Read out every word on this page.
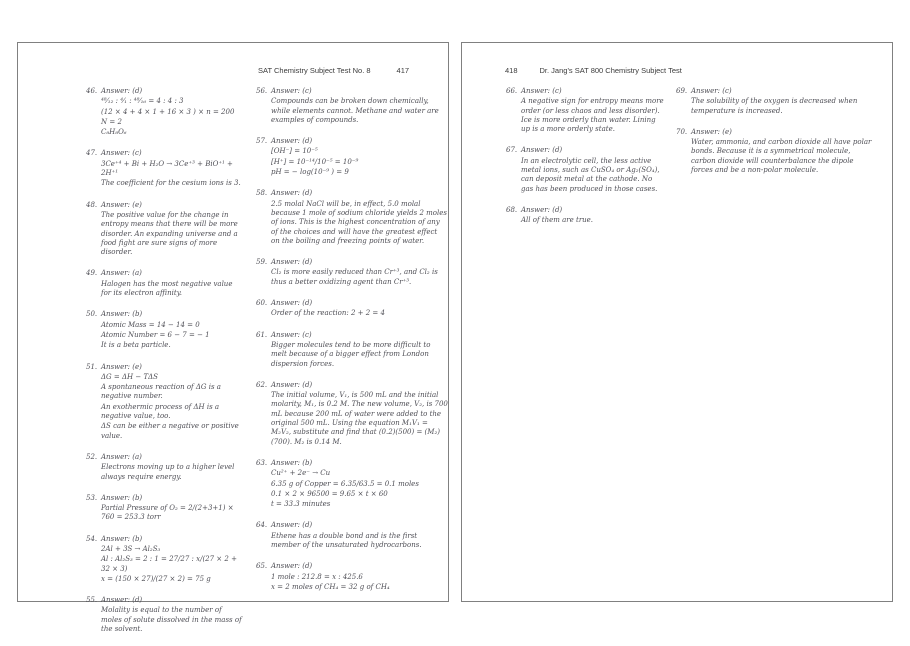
SAT Chemistry Subject Test No. 8	417
46. Answer: (d)
⁴⁸⁄₁₂ : ⁴⁄₁ : ⁴⁸⁄₁₆ = 4 : 4 : 3
(12 × 4 + 4 × 1 + 16 × 3 ) × n = 200
N = 2
C₈H₈O₆
47. Answer: (c)
3Ce⁺⁴ + Bi + H₂O → 3Ce⁺³ + BiO⁺¹ + 2H⁺¹
The coefficient for the cesium ions is 3.
48. Answer: (e)
The positive value for the change in entropy means that there will be more disorder. An expanding universe and a food fight are sure signs of more disorder.
49. Answer: (a)
Halogen has the most negative value for its electron affinity.
50. Answer: (b)
Atomic Mass = 14 − 14 = 0
Atomic Number = 6 − 7 = − 1
It is a beta particle.
51. Answer: (e)
ΔG = ΔH − TΔS
A spontaneous reaction of ΔG is a negative number.
An exothermic process of ΔH is a negative value, too.
ΔS can be either a negative or positive value.
52. Answer: (a)
Electrons moving up to a higher level always require energy.
53. Answer: (b)
Partial Pressure of O₂ = 2/(2+3+1) × 760 = 253.3 torr
54. Answer: (b)
2Al + 3S → Al₂S₃
Al : Al₂S₃ = 2 : 1 = 27/27 : x/(27 × 2 + 32 × 3)
x = (150 × 27)/(27 × 2) = 75 g
55. Answer: (d)
Molality is equal to the number of moles of solute dissolved in the mass of the solvent.
56. Answer: (c)
Compounds can be broken down chemically, while elements cannot. Methane and water are examples of compounds.
57. Answer: (d)
[OH⁻] = 10⁻⁵
[H⁺] = 10⁻¹⁴/10⁻⁵ = 10⁻⁹
pH = − log(10⁻⁹ ) = 9
58. Answer: (d)
2.5 molal NaCl will be, in effect, 5.0 molal because 1 mole of sodium chloride yields 2 moles of ions. This is the highest concentration of any of the choices and will have the greatest effect on the boiling and freezing points of water.
59. Answer: (d)
Cl₂ is more easily reduced than Cr⁺³, and Cl₂ is thus a better oxidizing agent than Cr⁺³.
60. Answer: (d)
Order of the reaction: 2 + 2 = 4
61. Answer: (c)
Bigger molecules tend to be more difficult to melt because of a bigger effect from London dispersion forces.
62. Answer: (d)
The initial volume, V₁, is 500 mL and the initial molarity, M₁, is 0.2 M. The new volume, V₂, is 700 mL because 200 mL of water were added to the original 500 mL. Using the equation M₁V₁ = M₂V₂, substitute and find that (0.2)(500) = (M₂)(700). M₂ is 0.14 M.
63. Answer: (b)
Cu²⁺ + 2e⁻ → Cu
6.35 g of Copper = 6.35/63.5 = 0.1 moles
0.1 × 2 × 96500 = 9.65 × t × 60
t = 33.3 minutes
64. Answer: (d)
Ethene has a double bond and is the first member of the unsaturated hydrocarbons.
65. Answer: (d)
1 mole : 212.8 = x : 425.6
x = 2 moles of CH₄ = 32 g of CH₄
418	Dr. Jang's SAT 800 Chemistry Subject Test
66. Answer: (c)
A negative sign for entropy means more order (or less chaos and less disorder). Ice is more orderly than water. Lining up is a more orderly state.
67. Answer: (d)
In an electrolytic cell, the less active metal ions, such as CuSO₄ or Ag₂(SO₄), can deposit metal at the cathode. No gas has been produced in those cases.
68. Answer: (d)
All of them are true.
69. Answer: (c)
The solubility of the oxygen is decreased when temperature is increased.
70. Answer: (e)
Water, ammonia, and carbon dioxide all have polar bonds. Because it is a symmetrical molecule, carbon dioxide will counterbalance the dipole forces and be a non-polar molecule.
